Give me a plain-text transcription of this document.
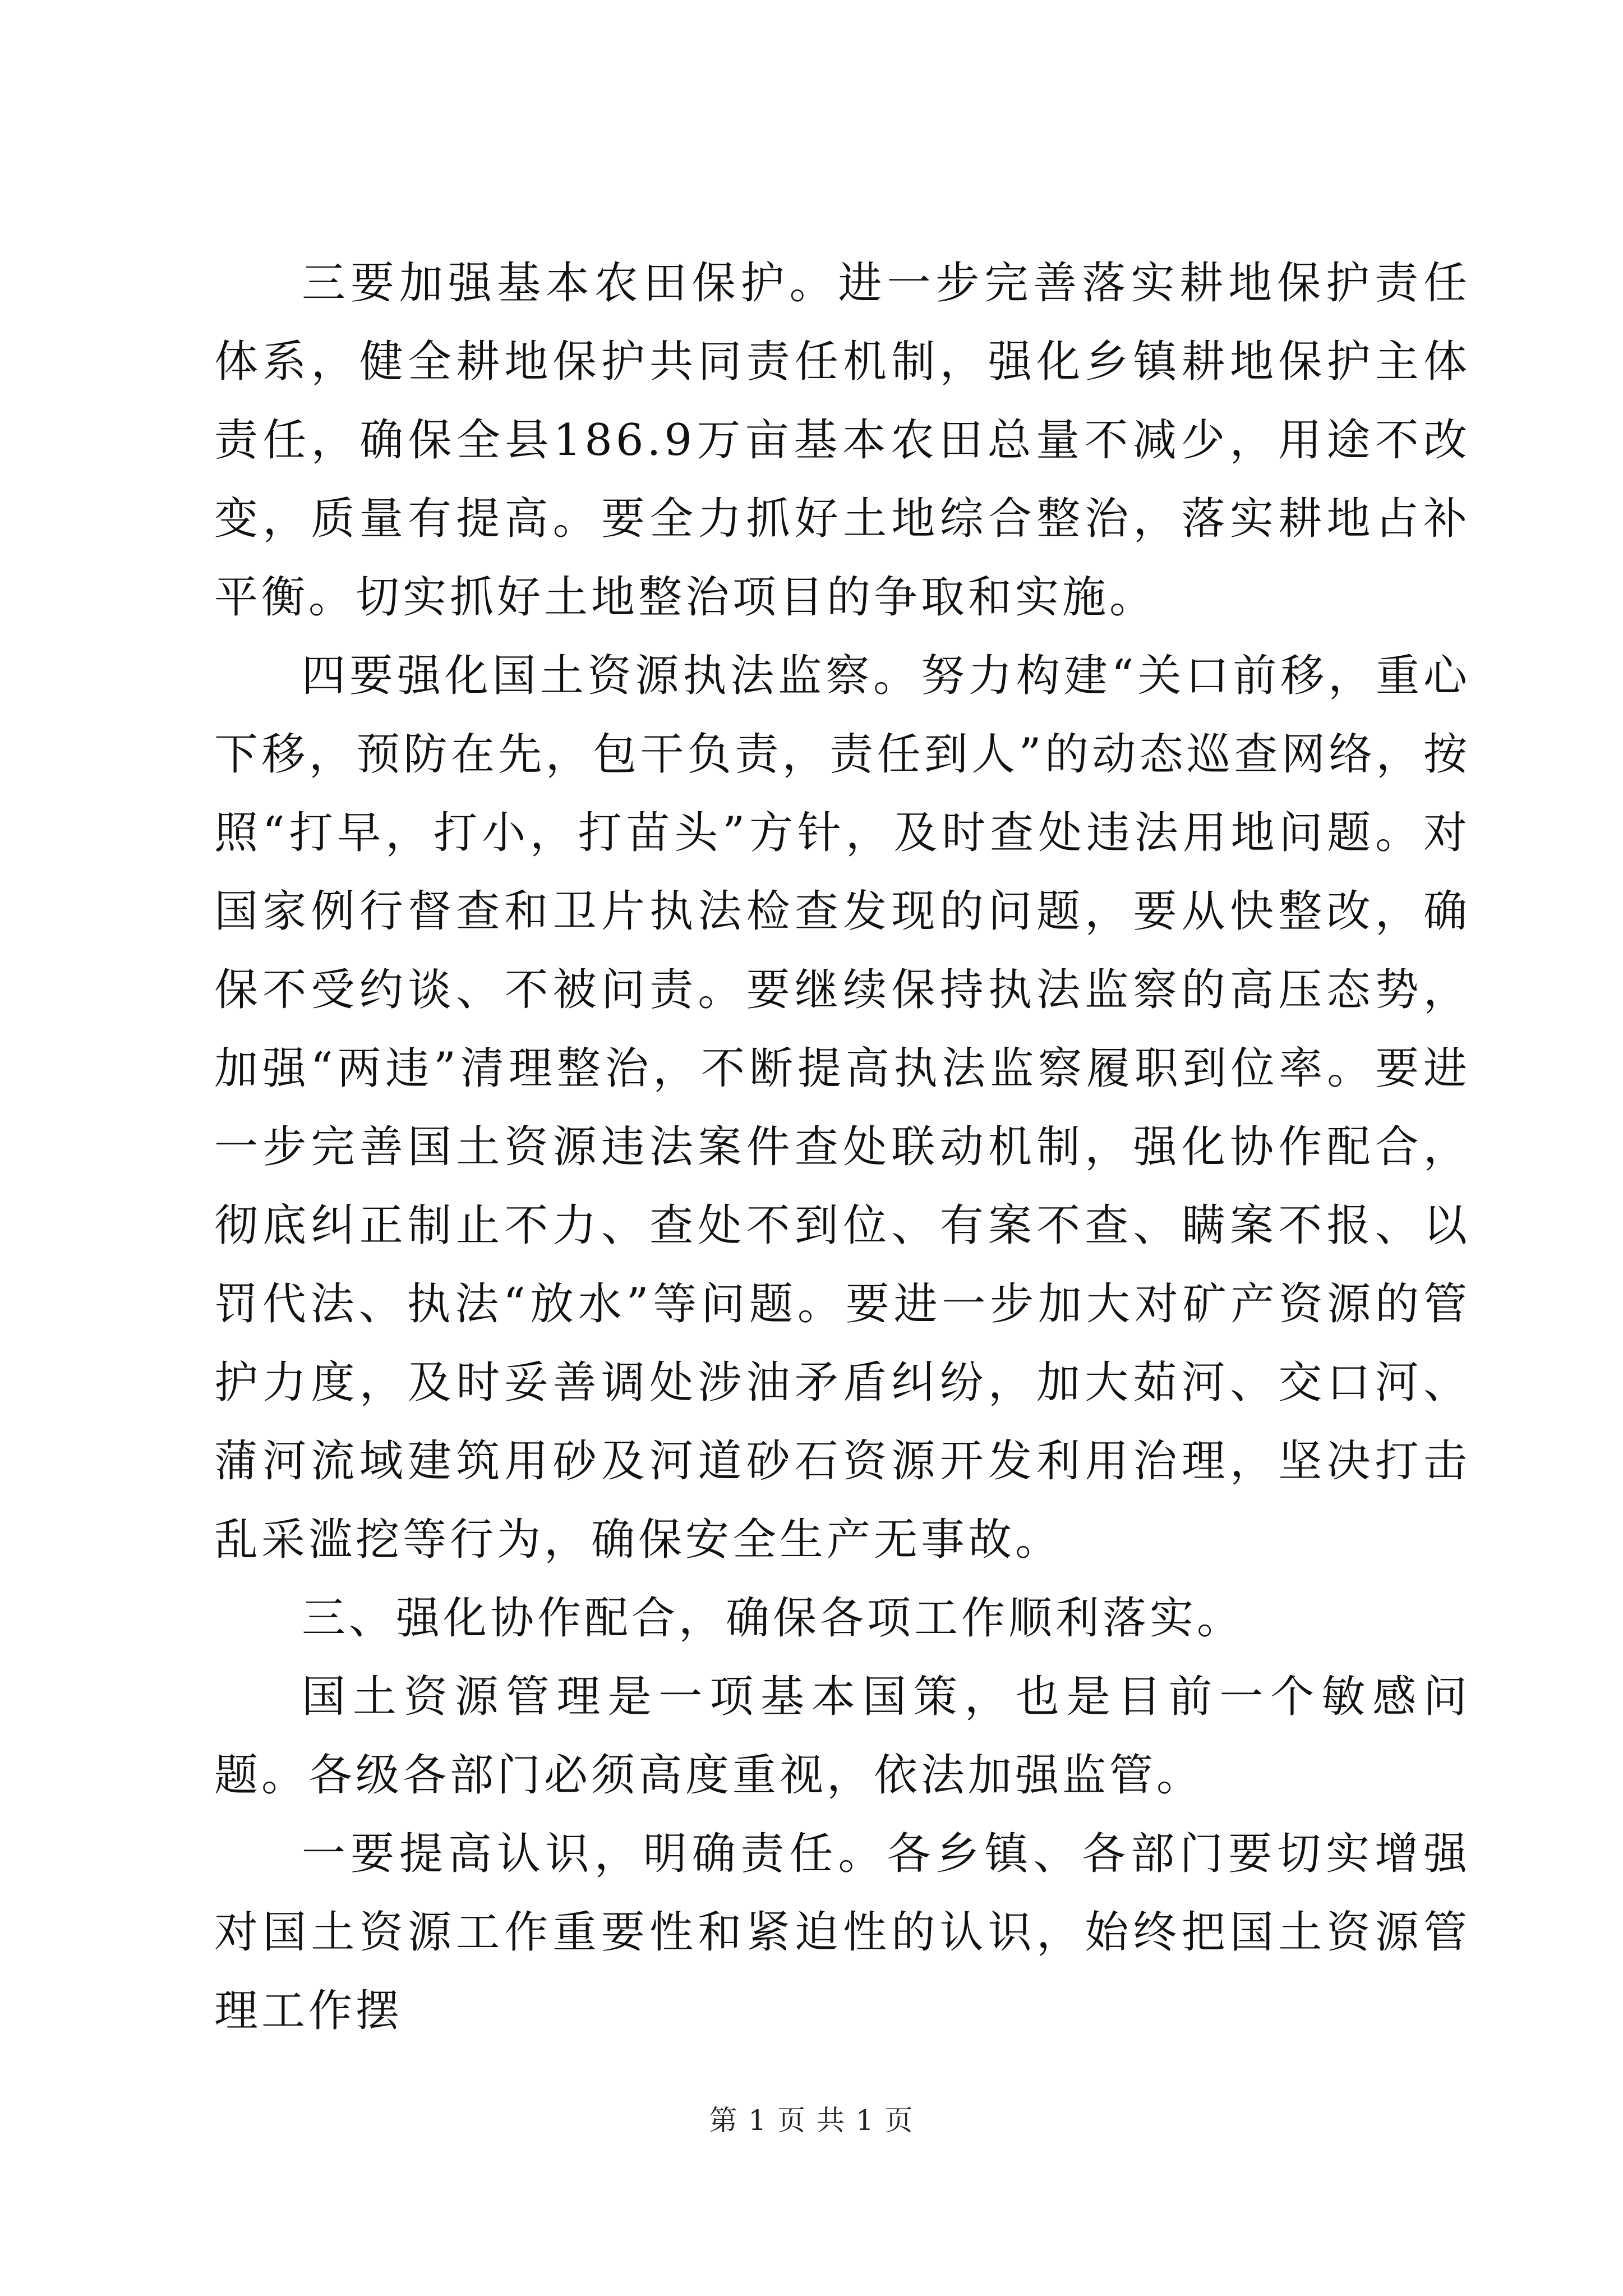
三要加强基本农田保护。进一步完善落实耕地保护责任体系，健全耕地保护共同责任机制，强化乡镇耕地保护主体责任，确保全县186.9万亩基本农田总量不减少，用途不改变，质量有提高。要全力抓好土地综合整治，落实耕地占补平衡。切实抓好土地整治项目的争取和实施。

四要强化国土资源执法监察。努力构建“关口前移，重心下移，预防在先，包干负责，责任到人”的动态巡查网络，按照“打早，打小，打苗头”方针，及时查处违法用地问题。对国家例行督查和卫片执法检查发现的问题，要从快整改，确保不受约谈、不被问责。要继续保持执法监察的高压态势，加强“两违”清理整治，不断提高执法监察履职到位率。要进一步完善国土资源违法案件查处联动机制，强化协作配合，彻底纠正制止不力、查处不到位、有案不查、瞒案不报、以罚代法、执法“放水”等问题。要进一步加大对矿产资源的管护力度，及时妥善调处涉油矛盾纠纷，加大茹河、交口河、蒲河流域建筑用砂及河道砂石资源开发利用治理，坚决打击乱采滥挖等行为，确保安全生产无事故。

三、强化协作配合，确保各项工作顺利落实。

国土资源管理是一项基本国策，也是目前一个敏感问题。各级各部门必须高度重视，依法加强监管。

一要提高认识，明确责任。各乡镇、各部门要切实增强对国土资源工作重要性和紧迫性的认识，始终把国土资源管理工作摆

第 1 页 共 1 页
